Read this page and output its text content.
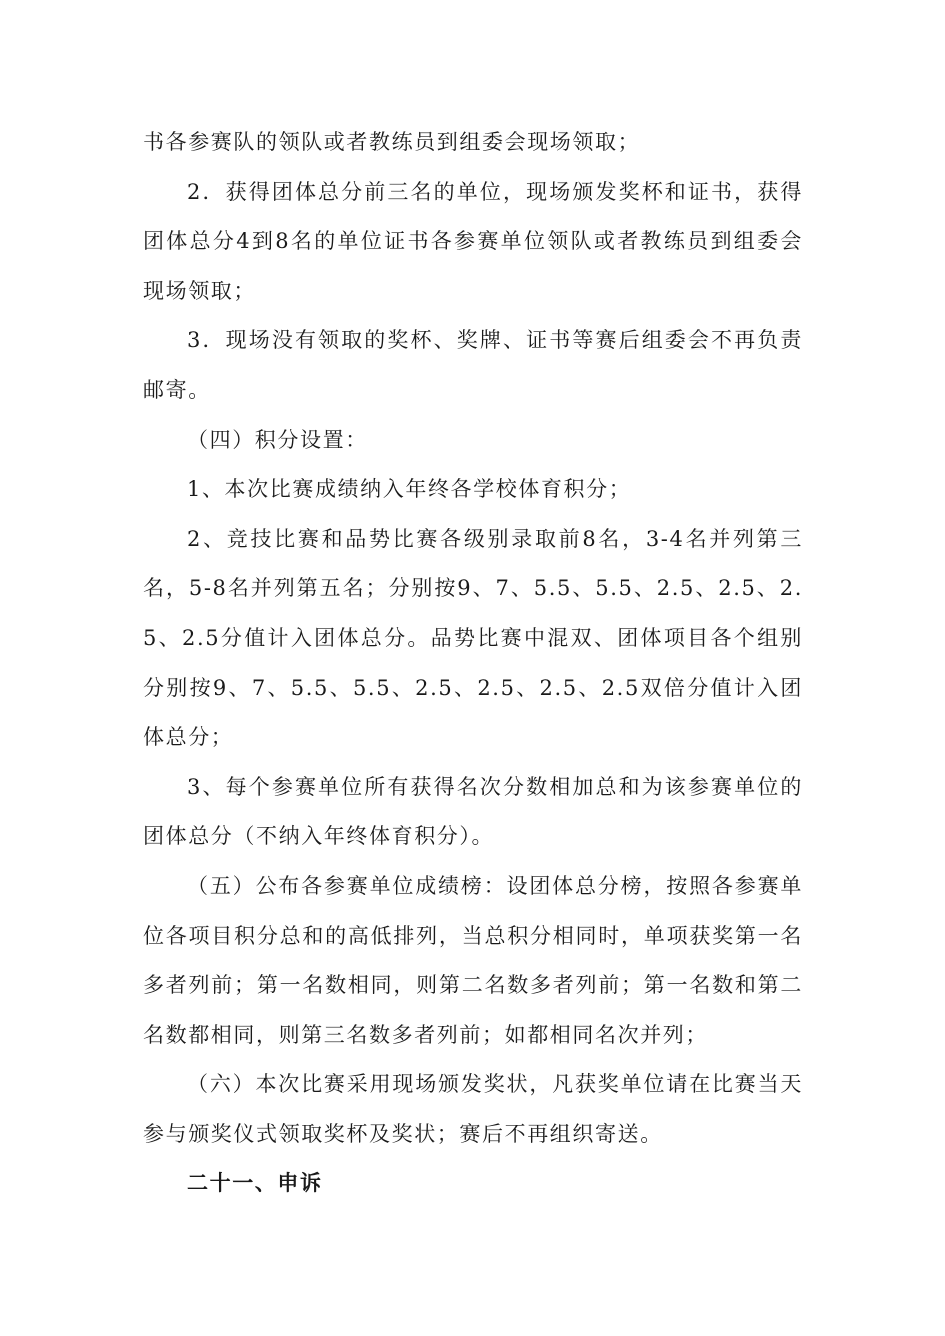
书各参赛队的领队或者教练员到组委会现场领取；

2．获得团体总分前三名的单位，现场颁发奖杯和证书，获得团体总分4到8名的单位证书各参赛单位领队或者教练员到组委会现场领取；

3．现场没有领取的奖杯、奖牌、证书等赛后组委会不再负责邮寄。

（四）积分设置：

1、本次比赛成绩纳入年终各学校体育积分；

2、竞技比赛和品势比赛各级别录取前8名，3-4名并列第三名，5-8名并列第五名；分别按9、7、5.5、5.5、2.5、2.5、2.5、2.5分值计入团体总分。品势比赛中混双、团体项目各个组别分别按9、7、5.5、5.5、2.5、2.5、2.5、2.5双倍分值计入团体总分；

3、每个参赛单位所有获得名次分数相加总和为该参赛单位的团体总分（不纳入年终体育积分）。

（五）公布各参赛单位成绩榜：设团体总分榜，按照各参赛单位各项目积分总和的高低排列，当总积分相同时，单项获奖第一名多者列前；第一名数相同，则第二名数多者列前；第一名数和第二名数都相同，则第三名数多者列前；如都相同名次并列；

（六）本次比赛采用现场颁发奖状，凡获奖单位请在比赛当天参与颁奖仪式领取奖杯及奖状；赛后不再组织寄送。

二十一、申诉
